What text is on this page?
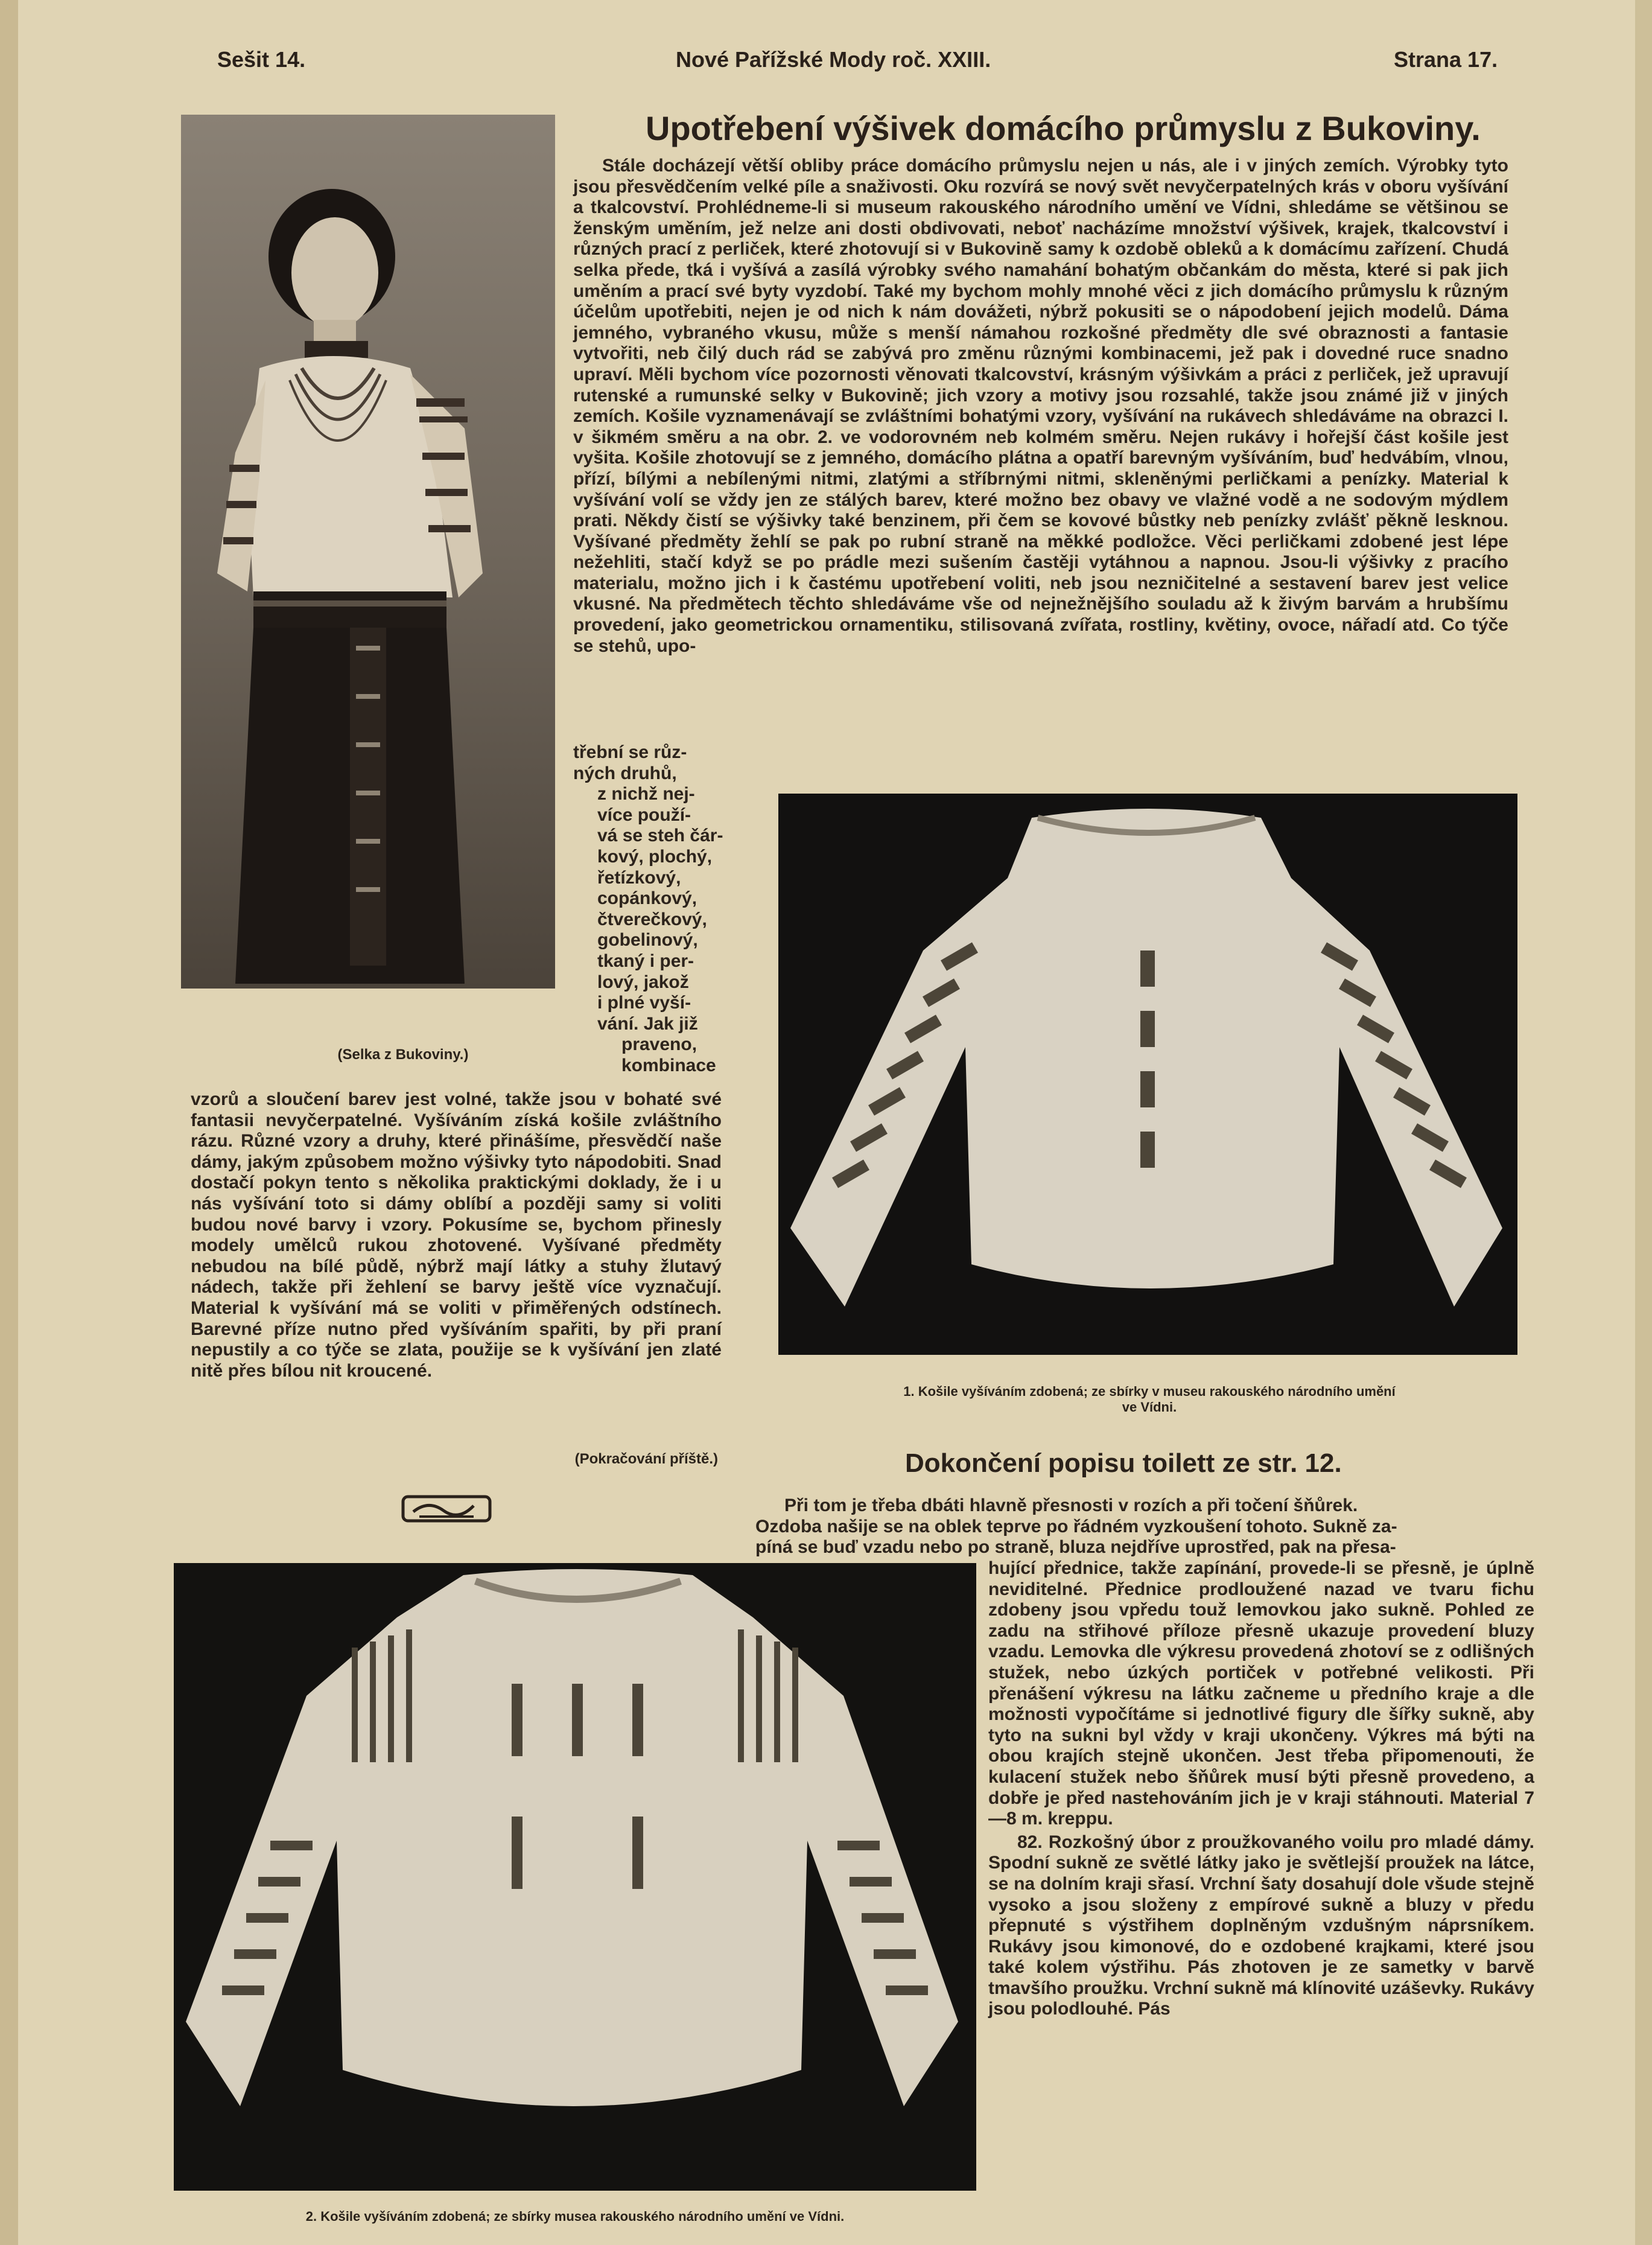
Sešit 14.	Nové Pařížské Mody roč. XXIII.	Strana 17.
(Selka z Bukoviny.)
Upotřebení výšivek domácího průmyslu z Bukoviny.

Stále docházejí větší obliby práce domácího průmyslu nejen u nás, ale i v jiných zemích. Výrobky tyto jsou přesvědčením velké píle a snaživosti. Oku rozvírá se nový svět nevyčerpatelných krás v oboru vyšívání a tkalcovství. Prohlédneme-li si museum rakouského národního umění ve Vídni, shledáme se většinou se ženským uměním, jež nelze ani dosti obdivovati, neboť nacházíme množství výšivek, krajek, tkalcovství i různých prací z perliček, které zhotovují si v Bukovině samy k ozdobě obleků a k domácímu zařízení. Chudá selka přede, tká i vyšívá a zasílá výrobky svého namahání bohatým občankám do města, které si pak jich uměním a prací své byty vyzdobí. Také my bychom mohly mnohé věci z jich domácího průmyslu k různým účelům upotřebiti, nejen je od nich k nám dovážeti, nýbrž pokusiti se o nápodobení jejich modelů. Dáma jemného, vybraného vkusu, může s menší námahou rozkošné předměty dle své obraznosti a fantasie vytvořiti, neb čilý duch rád se zabývá pro změnu různými kombinacemi, jež pak i dovedné ruce snadno upraví. Měli bychom více pozornosti věnovati tkalcovství, krásným výšivkám a práci z perliček, jež upravují rutenské a rumunské selky v Bukovině; jich vzory a motivy jsou rozsahlé, takže jsou známé již v jiných zemích. Košile vyznamenávají se zvláštními bohatými vzory, vyšívání na rukávech shledáváme na obrazci I. v šikmém směru a na obr. 2. ve vodorovném neb kolmém směru. Nejen rukávy i hořejší část košile jest vyšita. Košile zhotovují se z jemného, domácího plátna a opatří barevným vyšíváním, buď hedvábím, vlnou, přízí, bílými a nebílenými nitmi, zlatými a stříbrnými nitmi, skleněnými perličkami a penízky. Material k vyšívání volí se vždy jen ze stálých barev, které možno bez obavy ve vlažné vodě a ne sodovým mýdlem prati. Někdy čistí se výšivky také benzinem, při čem se kovové bůstky neb penízky zvlášť pěkně lesknou. Vyšívané předměty žehlí se pak po rubní straně na měkké podložce. Věci perličkami zdobené jest lépe nežehliti, stačí když se po prádle mezi sušením častěji vytáhnou a napnou. Jsou-li výšivky z pracího materialu, možno jich i k častému upotřebení voliti, neb jsou nezničitelné a sestavení barev jest velice vkusné. Na předmětech těchto shledáváme vše od nejnežnějšího souladu až k živým barvám a hrubšímu provedení, jako geometrickou ornamentiku, stilisovaná zvířata, rostliny, květiny, ovoce, nářadí atd. Co týče se stehů, upo-

třební se růz-
ných druhů,
z nichž nej-
více použí-
vá se steh čár-
kový, plochý,
řetízkový,
copánkový,
čtverečkový,
gobelinový,
tkaný i per-
lový, jakož
i plné vyší-
vání. Jak již
praveno,
kombinace

vzorů a sloučení barev jest volné, takže jsou v bohaté své fantasii nevyčerpatelné. Vyšíváním získá košile zvláštního rázu. Různé vzory a druhy, které přinášíme, přesvědčí naše dámy, jakým způsobem možno výšivky tyto nápodobiti. Snad dostačí pokyn tento s několika praktickými doklady, že i u nás vyšívání toto si dámy oblíbí a později samy si voliti budou nové barvy i vzory. Pokusíme se, bychom přinesly modely umělců rukou zhotovené. Vyšívané předměty nebudou na bílé půdě, nýbrž mají látky a stuhy žlutavý nádech, takže při žehlení se barvy ještě více vyznačují. Material k vyšívání má se voliti v přiměřených odstínech. Barevné příze nutno před vyšíváním spařiti, by při praní nepustily a co týče se zlata, použije se k vyšívání jen zlaté nitě přes bílou nit kroucené.

(Pokračování příště.)
1. Košile vyšíváním zdobená; ze sbírky v museu rakouského národního umění
ve Vídni.
Dokončení popisu toilett ze str. 12.
Při tom je třeba dbáti hlavně přesnosti v rozích a při točení šňůrek.
Ozdoba našije se na oblek teprve po řádném vyzkoušení tohoto. Sukně za-
píná se buď vzadu nebo po straně, bluza nejdříve uprostřed, pak na přesa-

hující přednice, takže zapínání, provede-li se přesně, je úplně neviditelné. Přednice prodloužené nazad ve tvaru fichu zdobeny jsou vpředu touž lemovkou jako sukně. Pohled ze zadu na střihové příloze přesně ukazuje provedení bluzy vzadu. Lemovka dle výkresu provedená zhotoví se z odlišných stužek, nebo úzkých portiček v potřebné velikosti. Při přenášení výkresu na látku začneme u předního kraje a dle možnosti vypočítáme si jednotlivé figury dle šířky sukně, aby tyto na sukni byl vždy v kraji ukončeny. Výkres má býti na obou krajích stejně ukončen. Jest třeba připomenouti, že kulacení stužek nebo šňůrek musí býti přesně provedeno, a dobře je před nastehováním jich je v kraji stáhnouti. Material 7—8 m. kreppu.

82. Rozkošný úbor z proužkovaného voilu pro mladé dámy. Spodní sukně ze světlé látky jako je světlejší proužek na látce, se na dolním kraji sřasí. Vrchní šaty dosahují dole všude stejně vysoko a jsou složeny z empírové sukně a bluzy v předu přepnuté s výstřihem doplněným vzdušným náprsníkem. Rukávy jsou kimonové, do e ozdobené krajkami, které jsou také kolem výstřihu. Pás zhotoven je ze sametky v barvě tmavšího proužku. Vrchní sukně má klínovité uzáševky. Rukávy jsou polodlouhé. Pás

2. Košile vyšíváním zdobená; ze sbírky musea rakouského národního umění ve Vídni.
